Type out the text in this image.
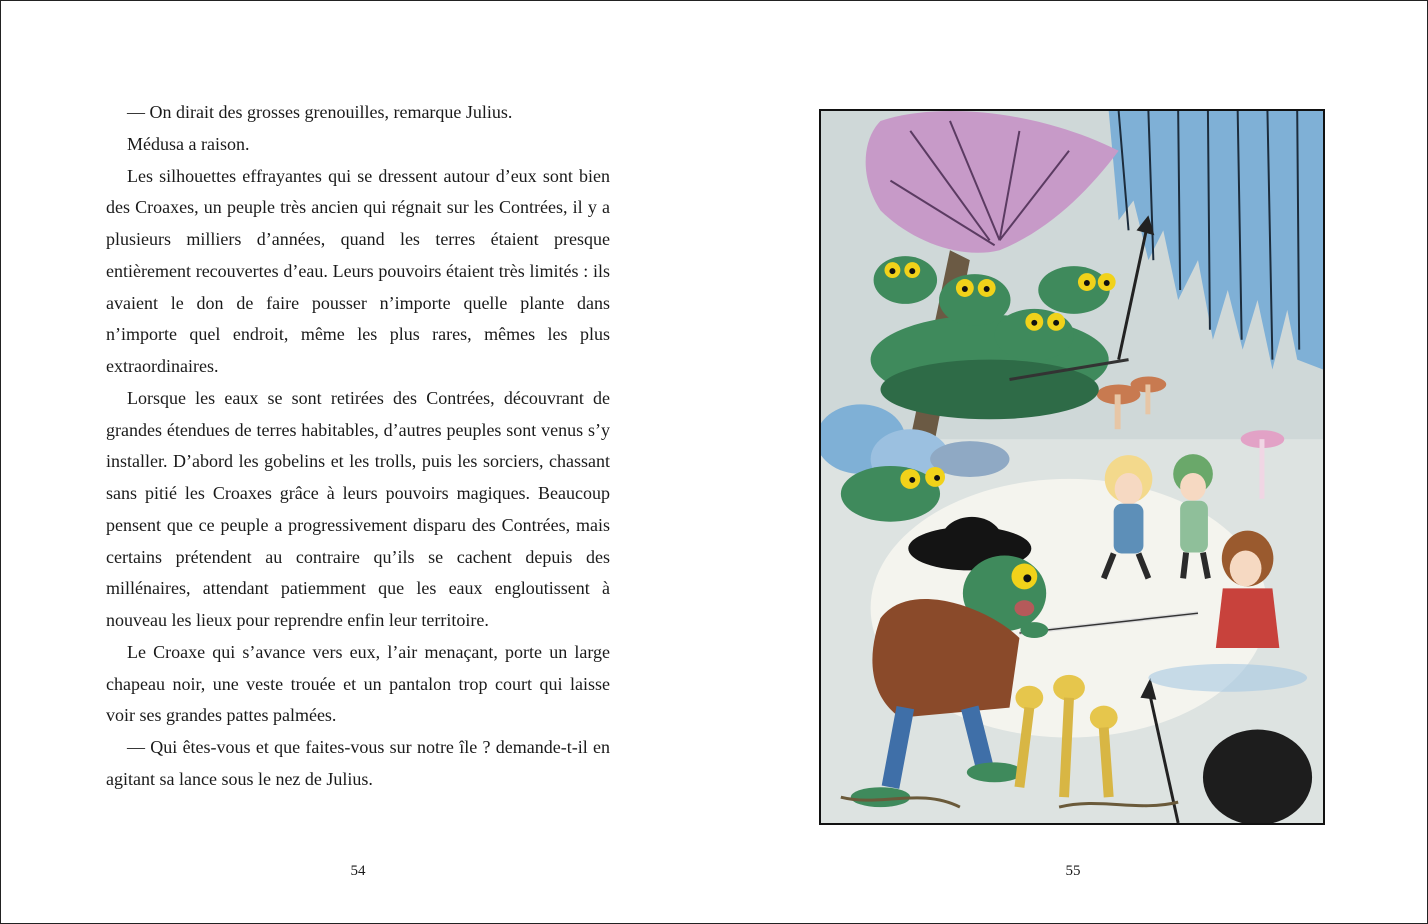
— On dirait des grosses grenouilles, remarque Julius.

Médusa a raison.

Les silhouettes effrayantes qui se dressent autour d’eux sont bien des Croaxes, un peuple très ancien qui régnait sur les Contrées, il y a plusieurs milliers d’années, quand les terres étaient presque entièrement recouvertes d’eau. Leurs pouvoirs étaient très limités : ils avaient le don de faire pousser n’importe quelle plante dans n’importe quel endroit, même les plus rares, mêmes les plus extraordinaires.

Lorsque les eaux se sont retirées des Contrées, découvrant de grandes étendues de terres habitables, d’autres peuples sont venus s’y installer. D’abord les gobelins et les trolls, puis les sorciers, chassant sans pitié les Croaxes grâce à leurs pouvoirs magiques. Beaucoup pensent que ce peuple a progressivement disparu des Contrées, mais certains prétendent au contraire qu’ils se cachent depuis des millénaires, attendant patiemment que les eaux engloutissent à nouveau les lieux pour reprendre enfin leur territoire.

Le Croaxe qui s’avance vers eux, l’air menaçant, porte un large chapeau noir, une veste trouée et un pantalon trop court qui laisse voir ses grandes pattes palmées.

— Qui êtes-vous et que faites-vous sur notre île ? demande-t-il en agitant sa lance sous le nez de Julius.

54	55
